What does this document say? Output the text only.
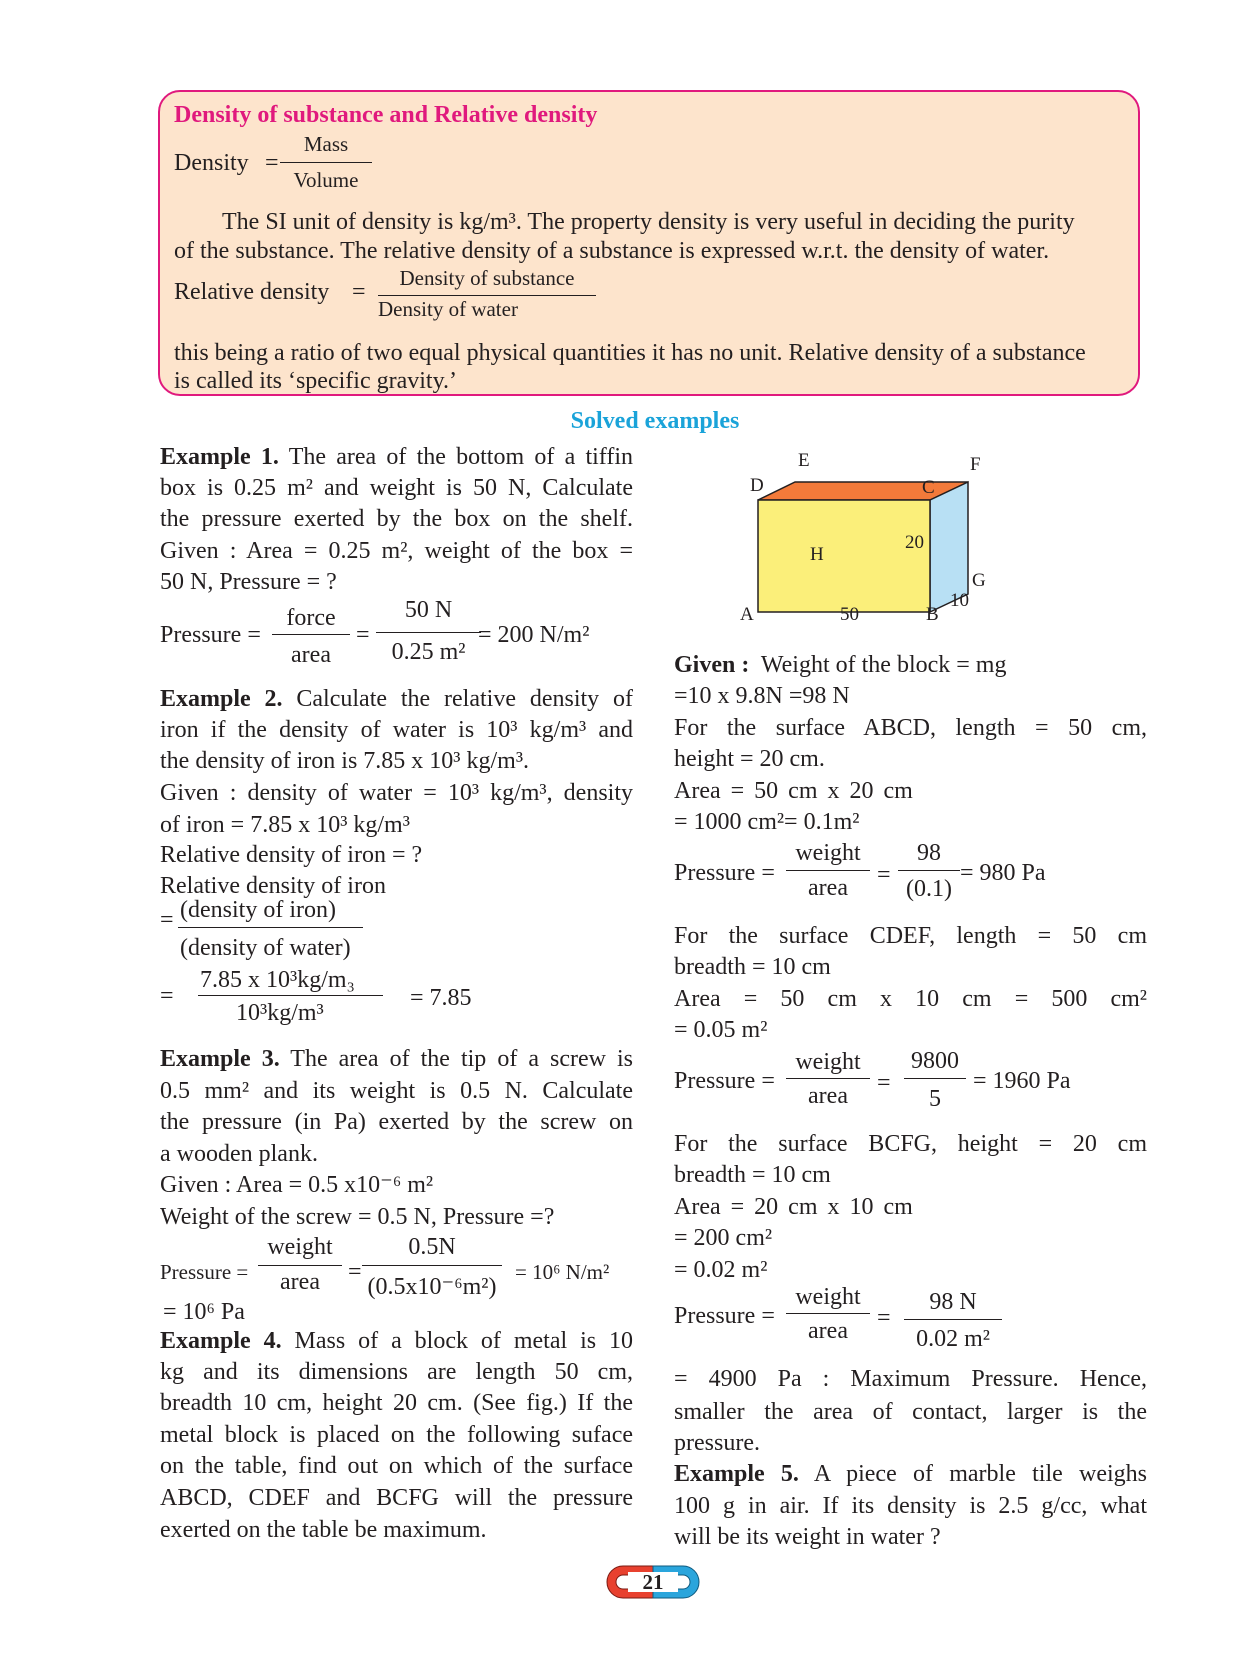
Density of substance and Relative density
Density =
Mass
Volume
The SI unit of density is kg/m³. The property density is very useful in deciding the purity
of the substance. The relative density of a substance is expressed w.r.t. the density of water.
Relative density =
Density of substance
Density of water
this being a ratio of two equal physical quantities it has no unit. Relative density of a substance
is called its ‘specific gravity.’
Solved examples
Example 1. The area of the bottom of a tiffin
box is 0.25 m² and weight is 50 N, Calculate
the pressure exerted by the box on the shelf.
Given : Area = 0.25 m², weight of the box =
50 N, Pressure = ?
Pressure =
force
area
=
50 N
0.25 m²
= 200 N/m²
Example 2. Calculate the relative density of
iron if the density of water is 10³ kg/m³ and
the density of iron is 7.85 x 10³ kg/m³.
Given : density of water = 10³ kg/m³, density
of iron = 7.85 x 10³ kg/m³
Relative density of iron = ?
Relative density of iron
= (density of iron)
(density of water)
=
7.85 x 10³kg/m₃
10³kg/m³
= 7.85
Example 3. The area of the tip of a screw is
0.5 mm² and its weight is 0.5 N. Calculate
the pressure (in Pa) exerted by the screw on
a wooden plank.
Given : Area = 0.5 x10⁻⁶ m²
Weight of the screw = 0.5 N, Pressure =?
Pressure =
weight
area	=
0.5N
(0.5x10⁻⁶m²)
= 10⁶ N/m²
= 10⁶ Pa
Example 4. Mass of a block of metal is 10
kg and its dimensions are length 50 cm,
breadth 10 cm, height 20 cm. (See fig.) If the
metal block is placed on the following suface
on the table, find out on which of the surface
ABCD, CDEF and BCFG will the pressure
exerted on the table be maximum.
E	F
D	C
H
20
G
10
A	50	B
Given : Weight of the block = mg
=10 x 9.8N =98 N
For the surface ABCD, length = 50 cm,
height = 20 cm.
Area = 50 cm x 20 cm
= 1000 cm²= 0.1m²
Pressure =
weight
area	=
98
(0.1)
= 980 Pa
For the surface CDEF, length = 50 cm
breadth = 10 cm
Area = 50 cm x 10 cm = 500 cm²
= 0.05 m²
Pressure =
weight
area	=
9800
5
= 1960 Pa
For the surface BCFG, height = 20 cm
breadth = 10 cm
Area = 20 cm x 10 cm
= 200 cm²
= 0.02 m²
Pressure =
weight
area	=
98 N
0.02 m²
= 4900 Pa : Maximum Pressure. Hence,
smaller the area of contact, larger is the
pressure.
Example 5. A piece of marble tile weighs
100 g in air. If its density is 2.5 g/cc, what
will be its weight in water ?
21
